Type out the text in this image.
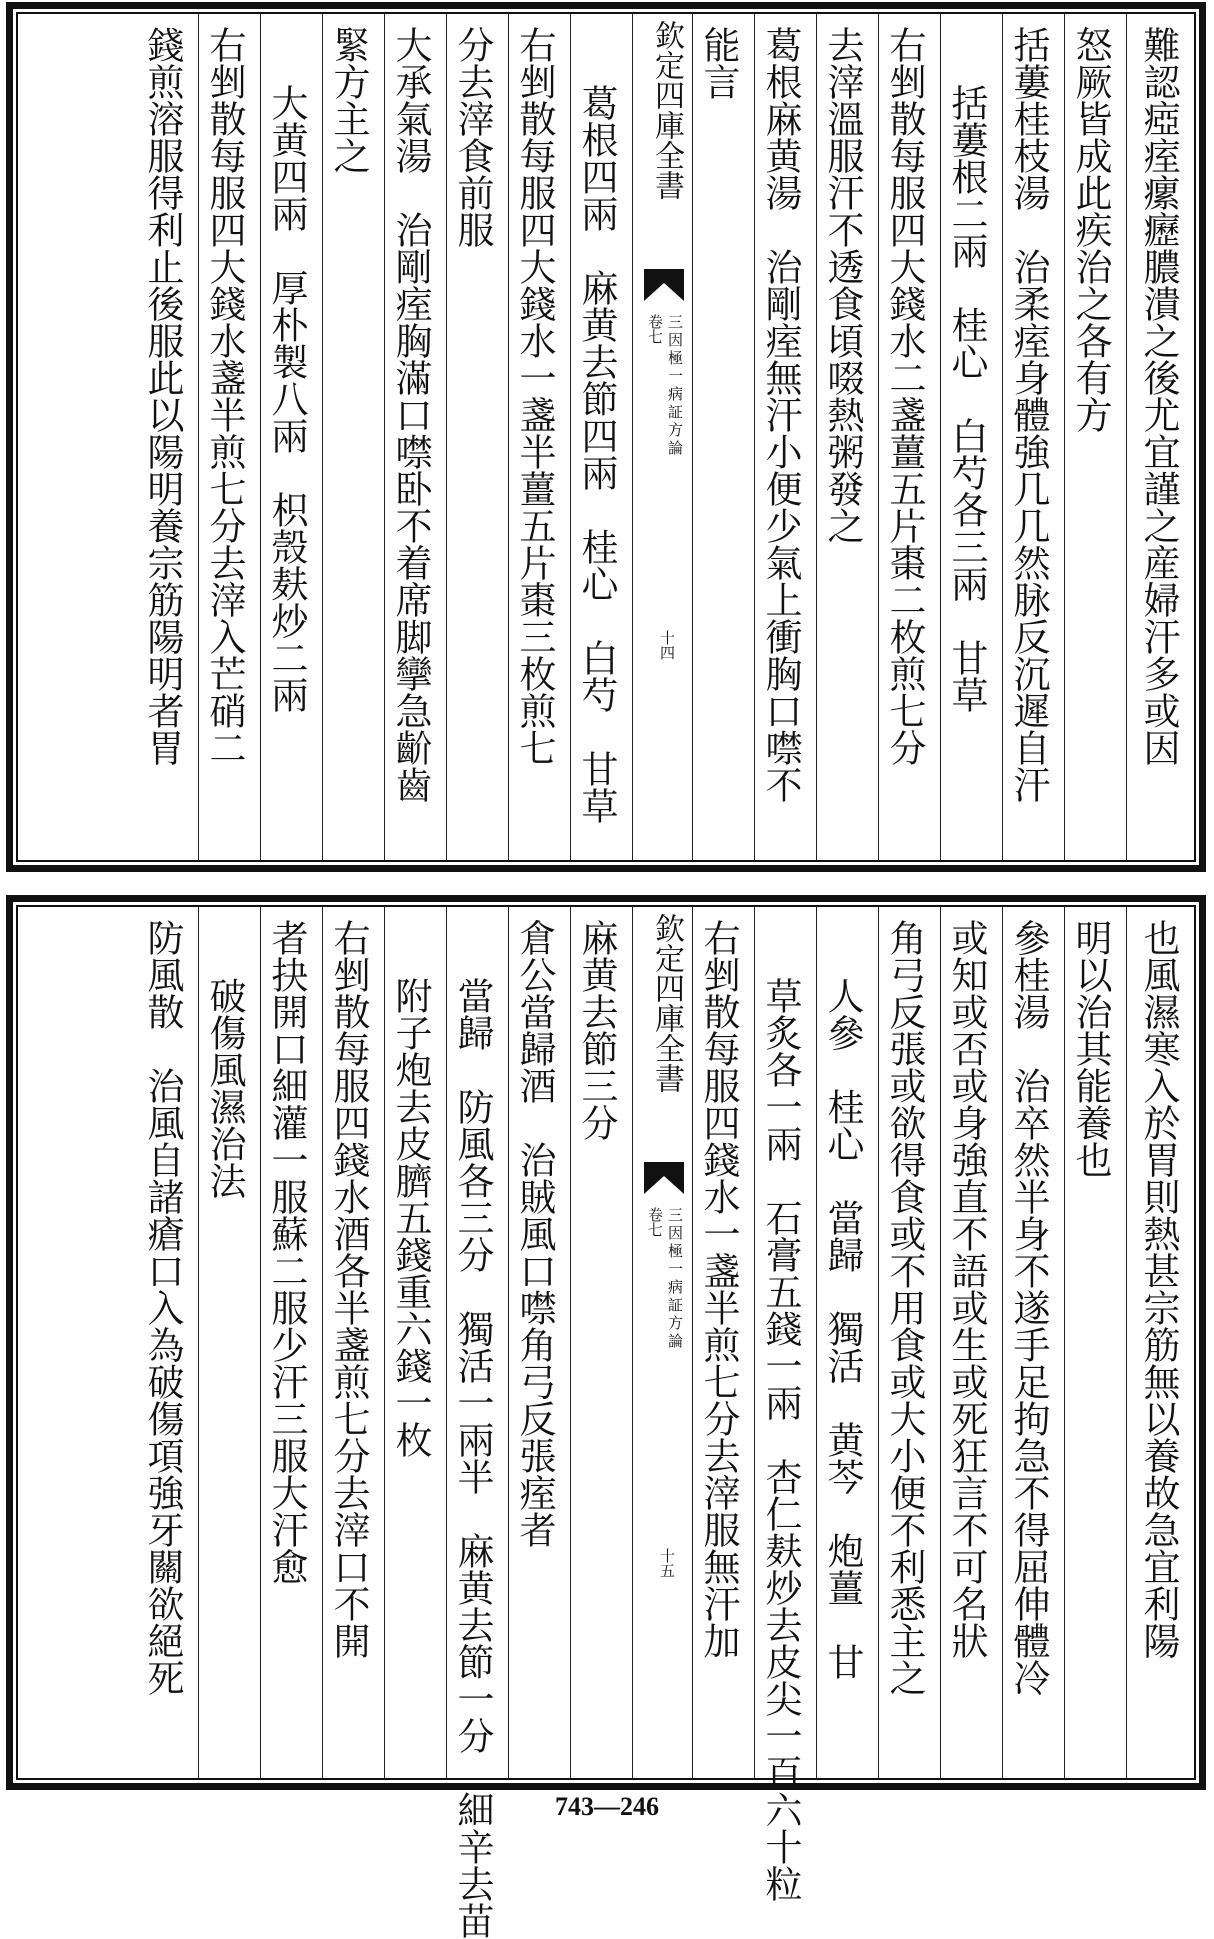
難認瘂痓瘰癧膿潰之後尤宜謹之産婦汗多或因
怒厥皆成此疾治之各有方
括蔞桂枝湯　治柔痓身體強几几然脉反沉遲自汗
括蔞根二兩　桂心　白芍各三兩　甘草
右剉散每服四大錢水二盞薑五片棗二枚煎七分
去滓溫服汗不透食頃啜熱粥發之
葛根麻黄湯　治剛痓無汗小便少氣上衝胸口噤不
能言
欽定四庫全書
卷七 三因極一病証方論
十四
葛根四兩　麻黄去節四兩　桂心　白芍　甘草
右剉散每服四大錢水一盞半薑五片棗三枚煎七
分去滓食前服
大承氣湯　治剛痓胸滿口噤卧不着席脚攣急齘齒
緊方主之
大黄四兩　厚朴製八兩　枳殼麸炒二兩
右剉散每服四大錢水盞半煎七分去滓入芒硝二
錢煎溶服得利止後服此以陽明養宗筋陽明者胃
也風濕寒入於胃則熱甚宗筋無以養故急宜利陽
明以治其能養也
參桂湯　治卒然半身不遂手足拘急不得屈伸體冷
或知或否或身強直不語或生或死狂言不可名狀
角弓反張或欲得食或不用食或大小便不利悉主之
人參　桂心　當歸　獨活　黄芩　炮薑　甘
草炙各一兩　石膏五錢一兩　杏仁麸炒去皮尖一百六十粒
右剉散每服四錢水一盞半煎七分去滓服無汗加
欽定四庫全書
卷七 三因極一病証方論
十五
麻黄去節三分
倉公當歸酒　治賊風口噤角弓反張痓者
當歸　防風各三分　獨活一兩半　麻黄去節一分　細辛去苗
附子炮去皮臍五錢重六錢一枚
右剉散每服四錢水酒各半盞煎七分去滓口不開
者抉開口細灌一服蘇二服少汗三服大汗愈
破傷風濕治法
防風散　治風自諸瘡口入為破傷項強牙關欲絕死
743—246
